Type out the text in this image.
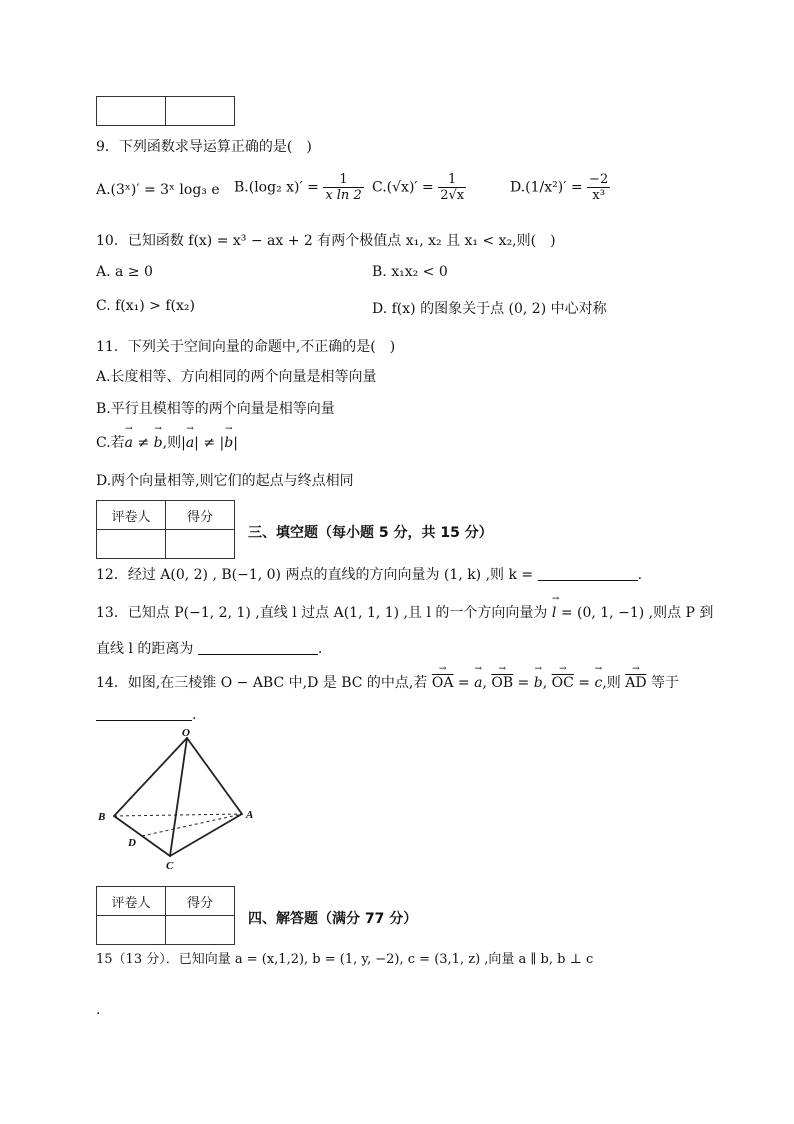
9．下列函数求导运算正确的是(　)
A.(3ˣ)′ = 3ˣ log₃ e B.(log₂ $x)' = \frac{1}{\text{x ln 2}} C.(√x)' = \frac{1}{2√x}$	$D.(1/x^2)' = \frac{-2}{\text{x³}}$
10．已知函数 f(x) = x³ − ax + 2 有两个极值点 x₁, x₂ 且 x₁ < x₂,则(　)
A. a ≥ 0	B. x₁x₂ < 0
C. f(x₁) > f(x₂)	D. f(x) 的图象关于点 (0, 2) 中心对称
11．下列关于空间向量的命题中,不正确的是(　)
A.长度相等、方向相同的两个向量是相等向量
B.平行且模相等的两个向量是相等向量
C.若→ a ≠ → b,则|→ a| ≠ |→ b|
D.两个向量相等,则它们的起点与终点相同
评卷人	得分

三、填空题（每小题 5 分，共 15 分）
12．经过 A(0, 2) , B(−1, 0) 两点的直线的方向向量为 (1, k) ,则 k =	.
13．已知点 P(−1, 2, 1) ,直线 l 过点 A(1, 1, 1) ,且 l 的一个方向向量为 → l = (0, 1, −1) ,则点 P 到
直线 l 的距离为	.
14．如图,在三棱锥 O − ABC 中,D 是 BC 的中点,若 → $\overline{OA}$ = → a, → $\overline{OB}$ = → b, → $\overline{OC}$ = → c,则 → $\overline{AD}$ 等于
.
O
A
B
D
C
评卷人	得分

四、解答题（满分 77 分）
15（13 分）．已知向量 a = (x,1,2), b = (1, y, −2), c = (3,1, z) ,向量 a ∥ b, b ⊥ c
.
